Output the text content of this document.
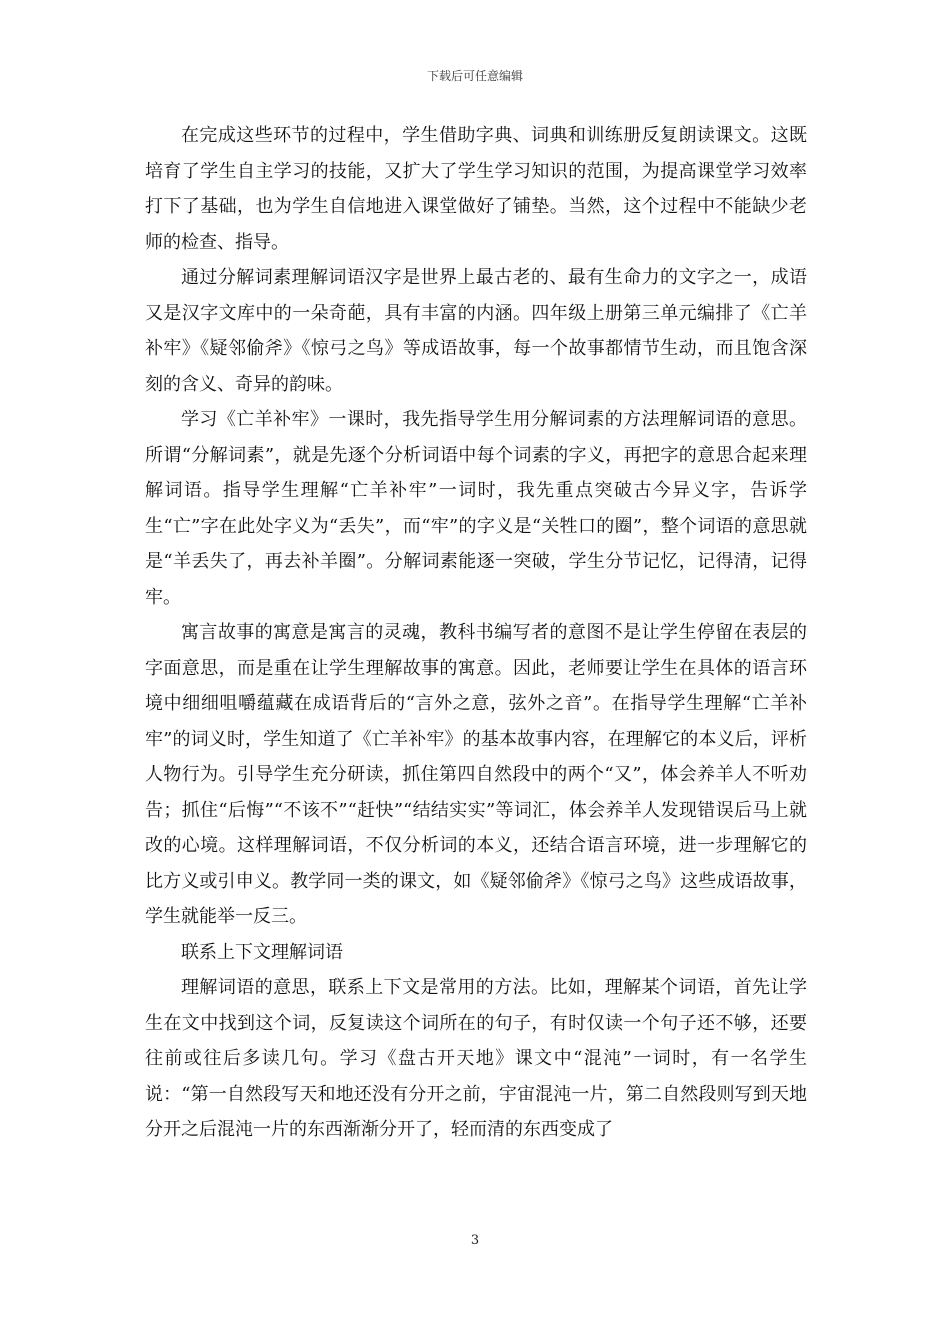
下载后可任意编辑

在完成这些环节的过程中，学生借助字典、词典和训练册反复朗读课文。这既培育了学生自主学习的技能，又扩大了学生学习知识的范围，为提高课堂学习效率打下了基础，也为学生自信地进入课堂做好了铺垫。当然，这个过程中不能缺少老师的检查、指导。

通过分解词素理解词语汉字是世界上最古老的、最有生命力的文字之一，成语又是汉字文库中的一朵奇葩，具有丰富的内涵。四年级上册第三单元编排了《亡羊补牢》《疑邻偷斧》《惊弓之鸟》等成语故事，每一个故事都情节生动，而且饱含深刻的含义、奇异的韵味。

学习《亡羊补牢》一课时，我先指导学生用分解词素的方法理解词语的意思。所谓“分解词素”，就是先逐个分析词语中每个词素的字义，再把字的意思合起来理解词语。指导学生理解“亡羊补牢”一词时，我先重点突破古今异义字，告诉学生“亡”字在此处字义为“丢失”，而“牢”的字义是“关牲口的圈”，整个词语的意思就是“羊丢失了，再去补羊圈”。分解词素能逐一突破，学生分节记忆，记得清，记得牢。

寓言故事的寓意是寓言的灵魂，教科书编写者的意图不是让学生停留在表层的字面意思，而是重在让学生理解故事的寓意。因此，老师要让学生在具体的语言环境中细细咀嚼蕴藏在成语背后的“言外之意，弦外之音”。在指导学生理解“亡羊补牢”的词义时，学生知道了《亡羊补牢》的基本故事内容，在理解它的本义后，评析人物行为。引导学生充分研读，抓住第四自然段中的两个“又”，体会养羊人不听劝告；抓住“后悔”“不该不”“赶快”“结结实实”等词汇，体会养羊人发现错误后马上就改的心境。这样理解词语，不仅分析词的本义，还结合语言环境，进一步理解它的比方义或引申义。教学同一类的课文，如《疑邻偷斧》《惊弓之鸟》这些成语故事，学生就能举一反三。

联系上下文理解词语

理解词语的意思，联系上下文是常用的方法。比如，理解某个词语，首先让学生在文中找到这个词，反复读这个词所在的句子，有时仅读一个句子还不够，还要往前或往后多读几句。学习《盘古开天地》课文中“混沌”一词时，有一名学生说：“第一自然段写天和地还没有分开之前，宇宙混沌一片，第二自然段则写到天地分开之后混沌一片的东西渐渐分开了，轻而清的东西变成了

3
